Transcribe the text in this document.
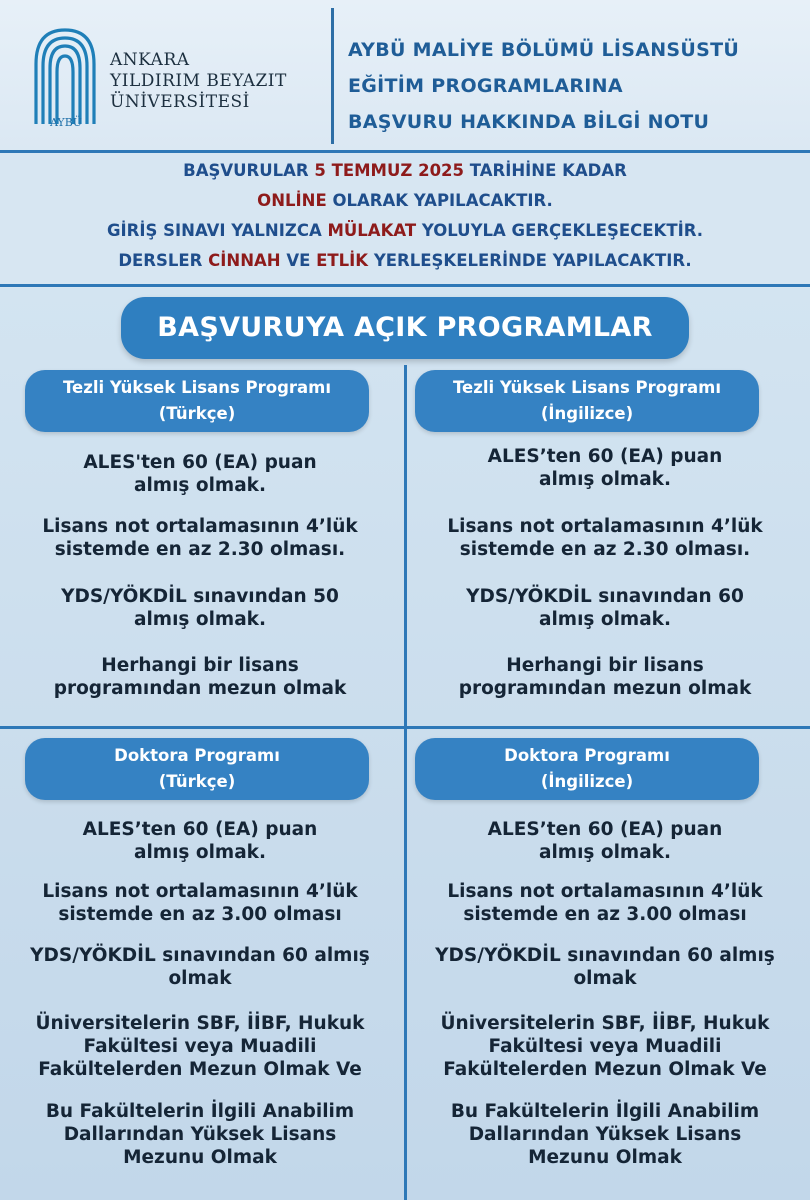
AYBÜ
ANKARA
YILDIRIM BEYAZIT
ÜNİVERSİTESİ
AYBÜ MALİYE BÖLÜMÜ LİSANSÜSTÜ
EĞİTİM PROGRAMLARINA
BAŞVURU HAKKINDA BİLGİ NOTU
BAŞVURULAR 5 TEMMUZ 2025 TARİHİNE KADAR
ONLİNE OLARAK YAPILACAKTIR.
GİRİŞ SINAVI YALNIZCA MÜLAKAT YOLUYLA GERÇEKLEŞECEKTİR.
DERSLER CİNNAH VE ETLİK YERLEŞKELERİNDE YAPILACAKTIR.
BAŞVURUYA AÇIK PROGRAMLAR
Tezli Yüksek Lisans Programı
(Türkçe)
ALES'ten 60 (EA) puan
almış olmak.
Lisans not ortalamasının 4’lük
sistemde en az 2.30 olması.
YDS/YÖKDİL sınavından 50
almış olmak.
Herhangi bir lisans
programından mezun olmak
Tezli Yüksek Lisans Programı
(İngilizce)
ALES’ten 60 (EA) puan
almış olmak.
Lisans not ortalamasının 4’lük
sistemde en az 2.30 olması.
YDS/YÖKDİL sınavından 60
almış olmak.
Herhangi bir lisans
programından mezun olmak
Doktora Programı
(Türkçe)
ALES’ten 60 (EA) puan
almış olmak.
Lisans not ortalamasının 4’lük
sistemde en az 3.00 olması
YDS/YÖKDİL sınavından 60 almış
olmak
Üniversitelerin SBF, İİBF, Hukuk
Fakültesi veya Muadili
Fakültelerden Mezun Olmak Ve
Bu Fakültelerin İlgili Anabilim
Dallarından Yüksek Lisans
Mezunu Olmak
Doktora Programı
(İngilizce)
ALES’ten 60 (EA) puan
almış olmak.
Lisans not ortalamasının 4’lük
sistemde en az 3.00 olması
YDS/YÖKDİL sınavından 60 almış
olmak
Üniversitelerin SBF, İİBF, Hukuk
Fakültesi veya Muadili
Fakültelerden Mezun Olmak Ve
Bu Fakültelerin İlgili Anabilim
Dallarından Yüksek Lisans
Mezunu Olmak
